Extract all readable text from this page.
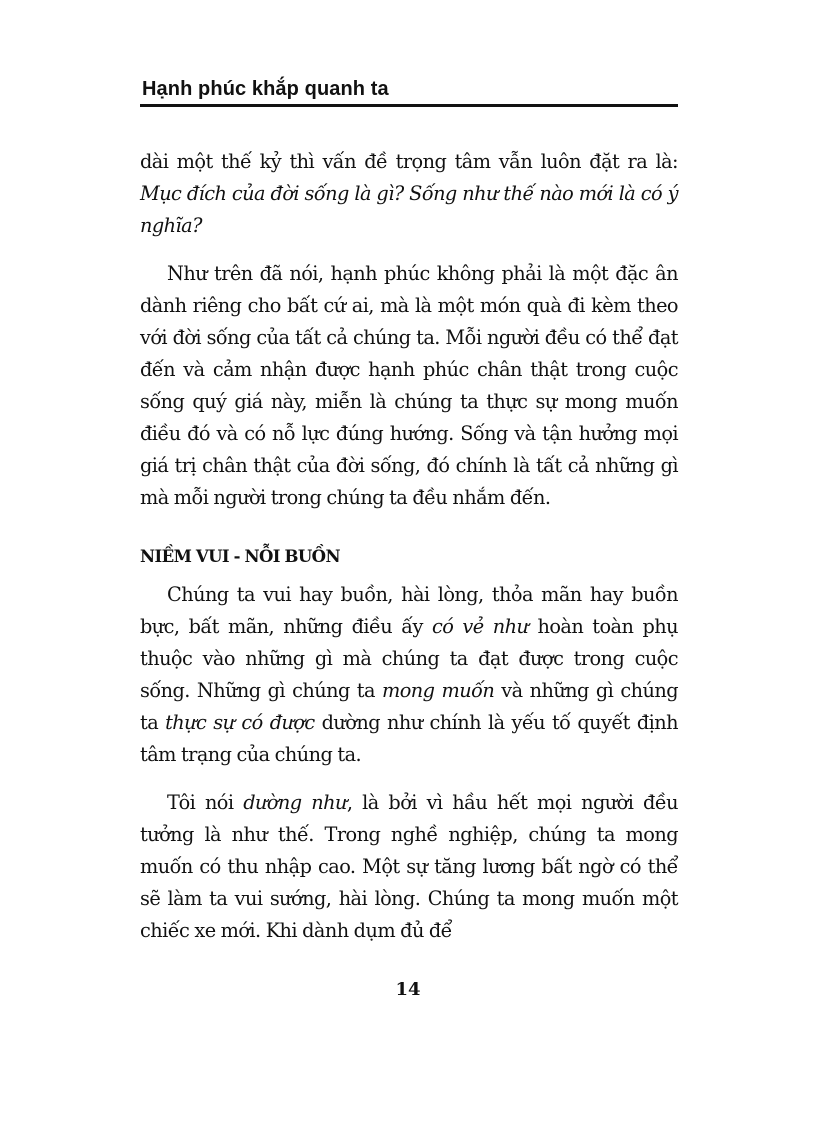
Hạnh phúc khắp quanh ta

dài một thế kỷ thì vấn đề trọng tâm vẫn luôn đặt ra là: Mục đích của đời sống là gì? Sống như thế nào mới là có ý nghĩa?

Như trên đã nói, hạnh phúc không phải là một đặc ân dành riêng cho bất cứ ai, mà là một món quà đi kèm theo với đời sống của tất cả chúng ta. Mỗi người đều có thể đạt đến và cảm nhận được hạnh phúc chân thật trong cuộc sống quý giá này, miễn là chúng ta thực sự mong muốn điều đó và có nỗ lực đúng hướng. Sống và tận hưởng mọi giá trị chân thật của đời sống, đó chính là tất cả những gì mà mỗi người trong chúng ta đều nhắm đến.

NIỀM VUI - NỖI BUỒN

Chúng ta vui hay buồn, hài lòng, thỏa mãn hay buồn bực, bất mãn, những điều ấy có vẻ như hoàn toàn phụ thuộc vào những gì mà chúng ta đạt được trong cuộc sống. Những gì chúng ta mong muốn và những gì chúng ta thực sự có được dường như chính là yếu tố quyết định tâm trạng của chúng ta.

Tôi nói dường như, là bởi vì hầu hết mọi người đều tưởng là như thế. Trong nghề nghiệp, chúng ta mong muốn có thu nhập cao. Một sự tăng lương bất ngờ có thể sẽ làm ta vui sướng, hài lòng. Chúng ta mong muốn một chiếc xe mới. Khi dành dụm đủ để

14
